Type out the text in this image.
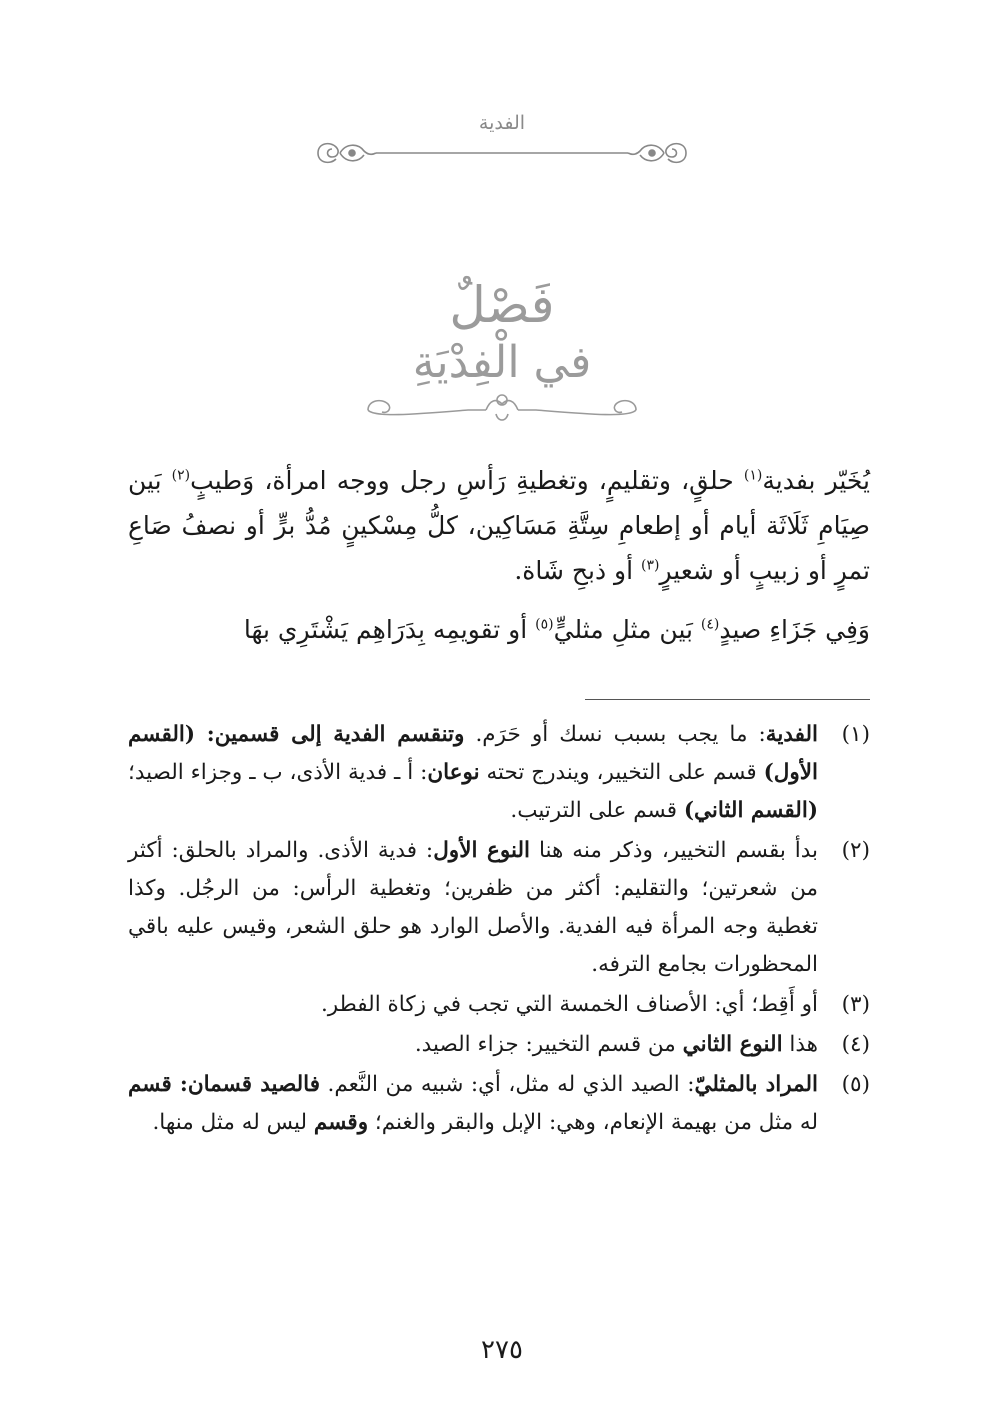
الفدية
فَصْلٌ
في الْفِدْيَةِ

يُخَيّر بفدية$^{(١)}$ حلقٍ، وتقليمٍ، وتغطيةِ رَأسِ رجل ووجه امرأة، وَطيبٍ$^{(٢)}$ بَين صِيَامِ ثَلَاثَة أيام أو إطعامِ سِتَّةِ مَسَاكِين، كلُّ مِسْكينٍ مُدُّ برٍّ أو نصفُ صَاعِ تمرٍ أو زبيبٍ أو شعيرٍ$^{(٣)}$ أو ذبحِ شَاة.

وَفِي جَزَاءِ صيدٍ$^{(٤)}$ بَين مثلِ مثليٍّ$^{(٥)}$ أو تقويمِه بِدَرَاهِم يَشْتَرِي بهَا

(١)
الفدية: ما يجب بسبب نسك أو حَرَم. وتنقسم الفدية إلى قسمين: (القسم الأول) قسم على التخيير، ويندرج تحته نوعان: أ ـ فدية الأذى، ب ـ وجزاء الصيد؛ (القسم الثاني) قسم على الترتيب.
(٢)
بدأ بقسم التخيير، وذكر منه هنا النوع الأول: فدية الأذى. والمراد بالحلق: أكثر من شعرتين؛ والتقليم: أكثر من ظفرين؛ وتغطية الرأس: من الرجُل. وكذا تغطية وجه المرأة فيه الفدية. والأصل الوارد هو حلق الشعر، وقيس عليه باقي المحظورات بجامع الترفه.
(٣)
أو أَقِط؛ أي: الأصناف الخمسة التي تجب في زكاة الفطر.
(٤)
هذا النوع الثاني من قسم التخيير: جزاء الصيد.
(٥)
المراد بالمثليّ: الصيد الذي له مثل، أي: شبيه من النَّعم. فالصيد قسمان: قسم له مثل من بهيمة الإنعام، وهي: الإبل والبقر والغنم؛ وقسم ليس له مثل منها.
٢٧٥
